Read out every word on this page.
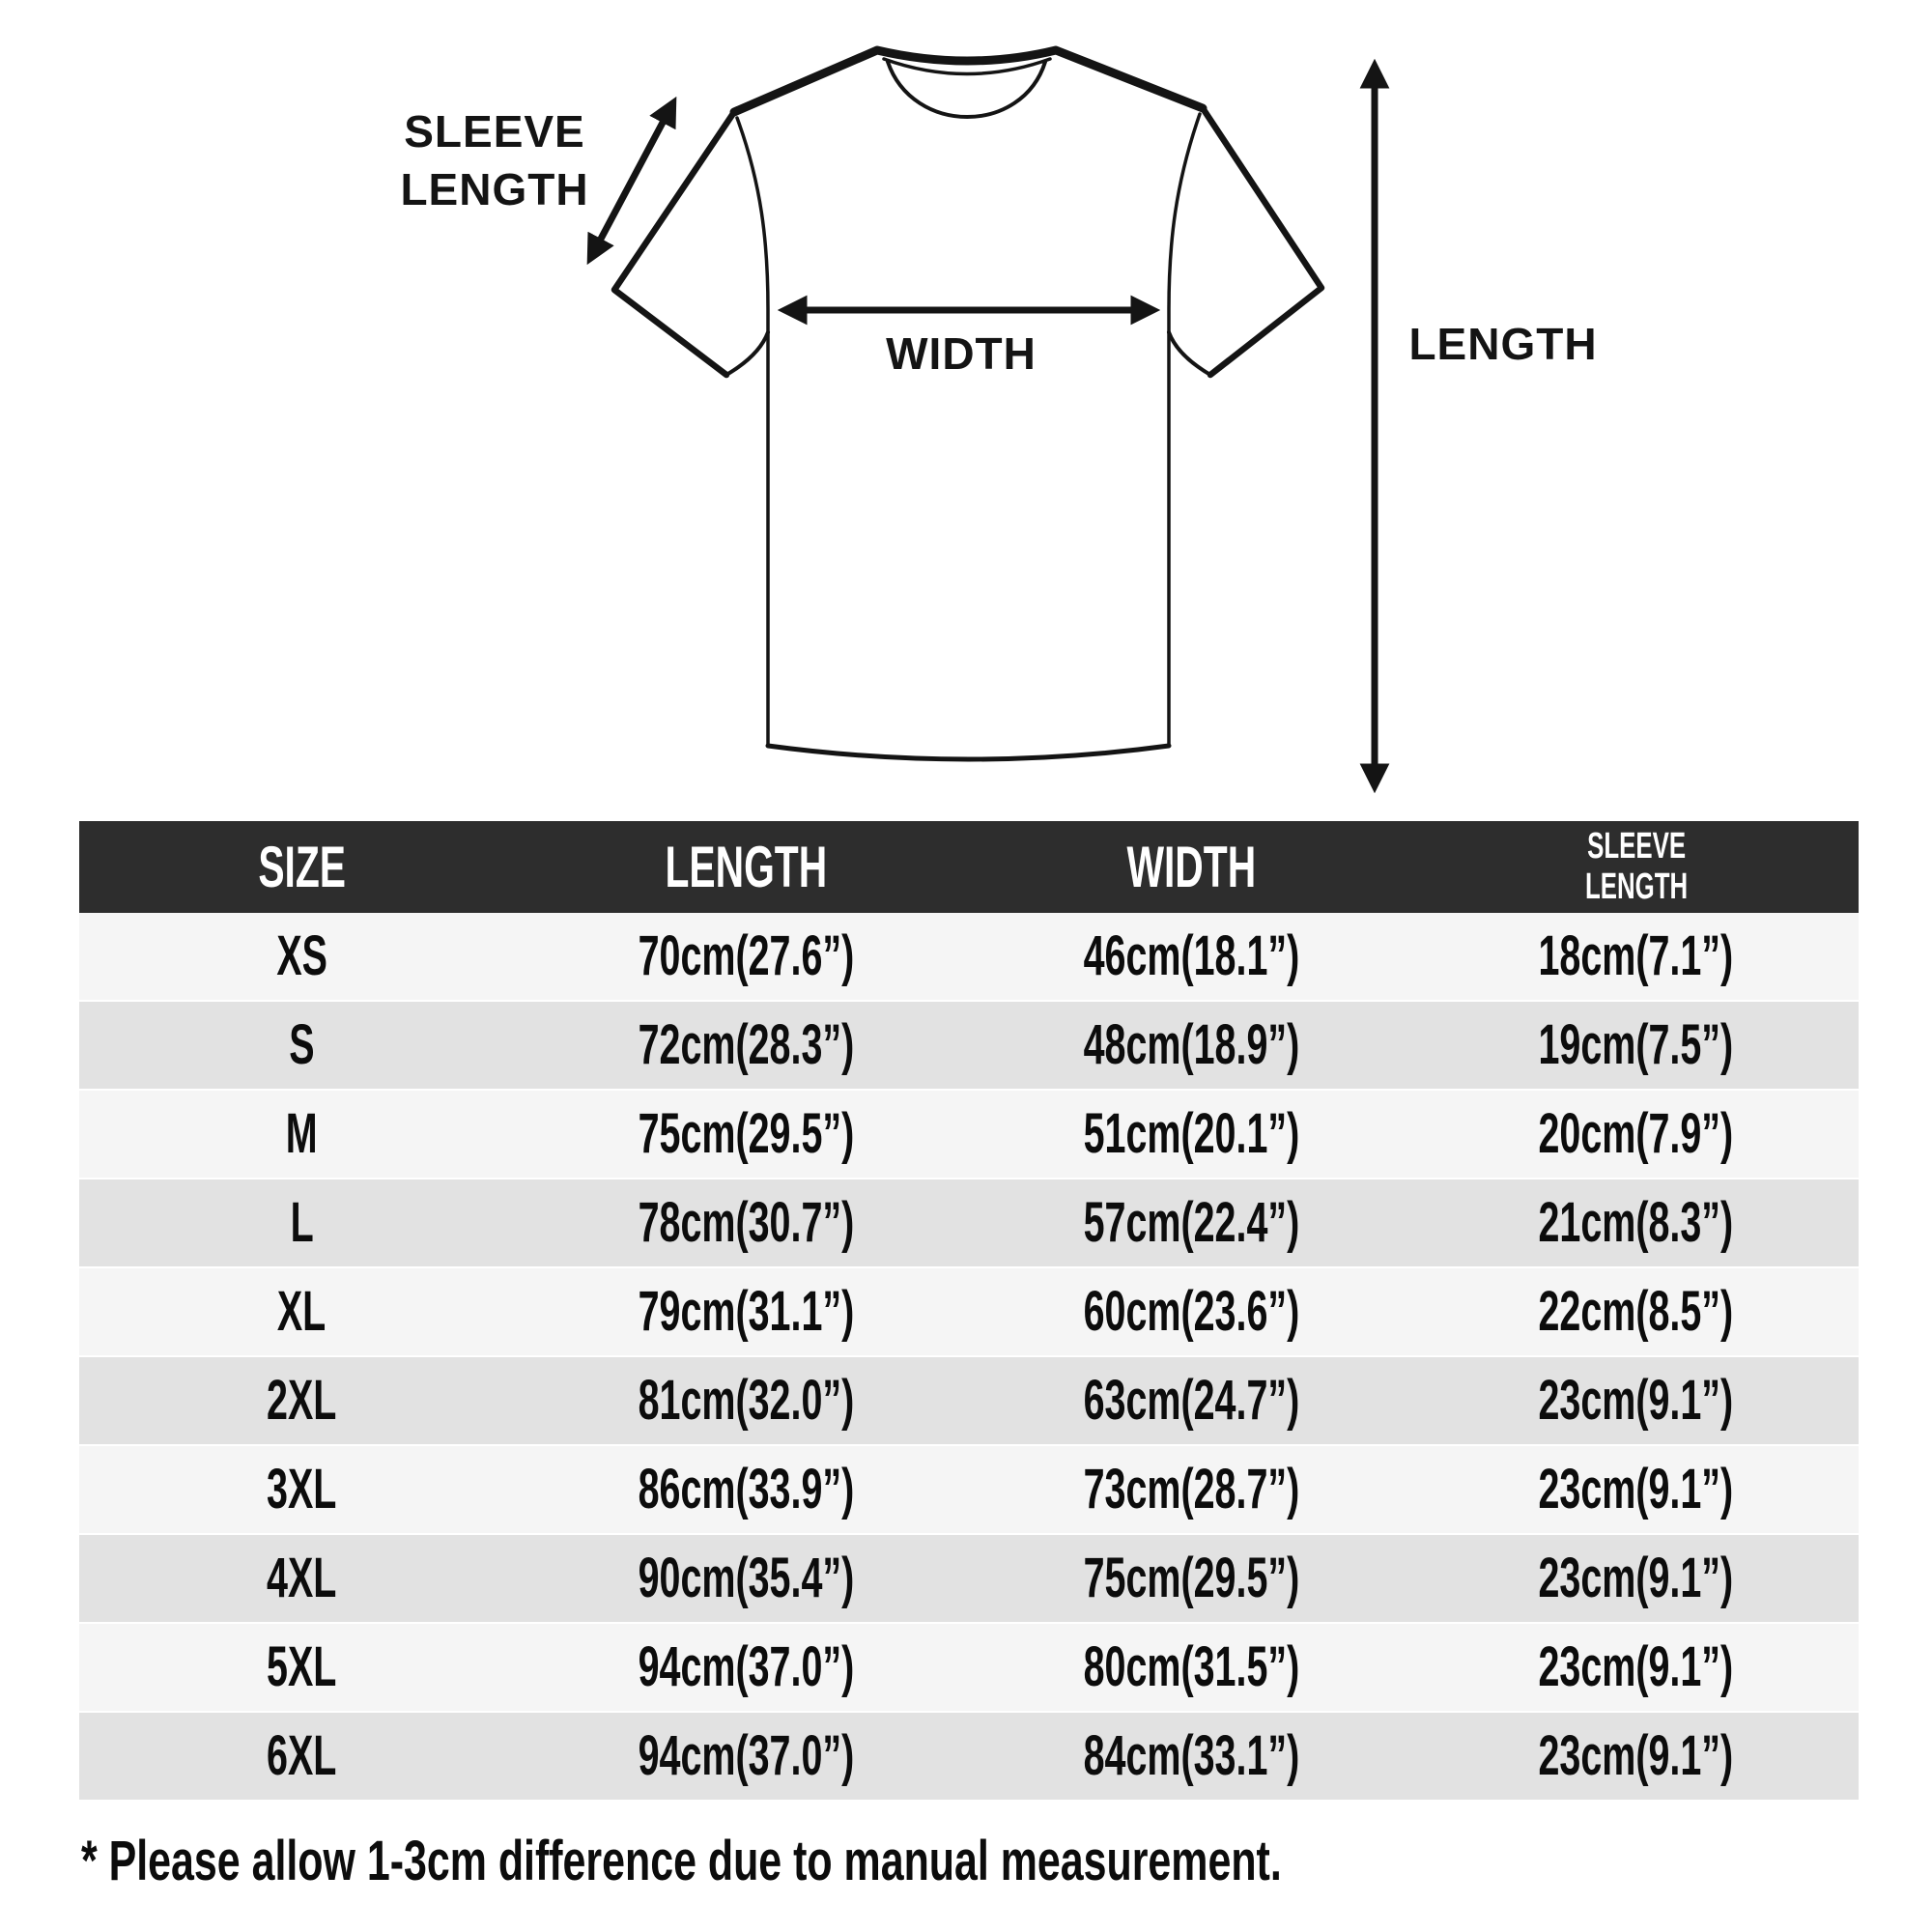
SLEEVE
LENGTH
WIDTH	LENGTH
SIZE	LENGTH	WIDTH	SLEEVE
LENGTH
XS	70cm(27.6”)	46cm(18.1”)	18cm(7.1”)
S	72cm(28.3”)	48cm(18.9”)	19cm(7.5”)
M	75cm(29.5”)	51cm(20.1”)	20cm(7.9”)
L	78cm(30.7”)	57cm(22.4”)	21cm(8.3”)
XL	79cm(31.1”)	60cm(23.6”)	22cm(8.5”)
2XL	81cm(32.0”)	63cm(24.7”)	23cm(9.1”)
3XL	86cm(33.9”)	73cm(28.7”)	23cm(9.1”)
4XL	90cm(35.4”)	75cm(29.5”)	23cm(9.1”)
5XL	94cm(37.0”)	80cm(31.5”)	23cm(9.1”)
6XL	94cm(37.0”)	84cm(33.1”)	23cm(9.1”)
* Please allow 1-3cm difference due to manual measurement.
